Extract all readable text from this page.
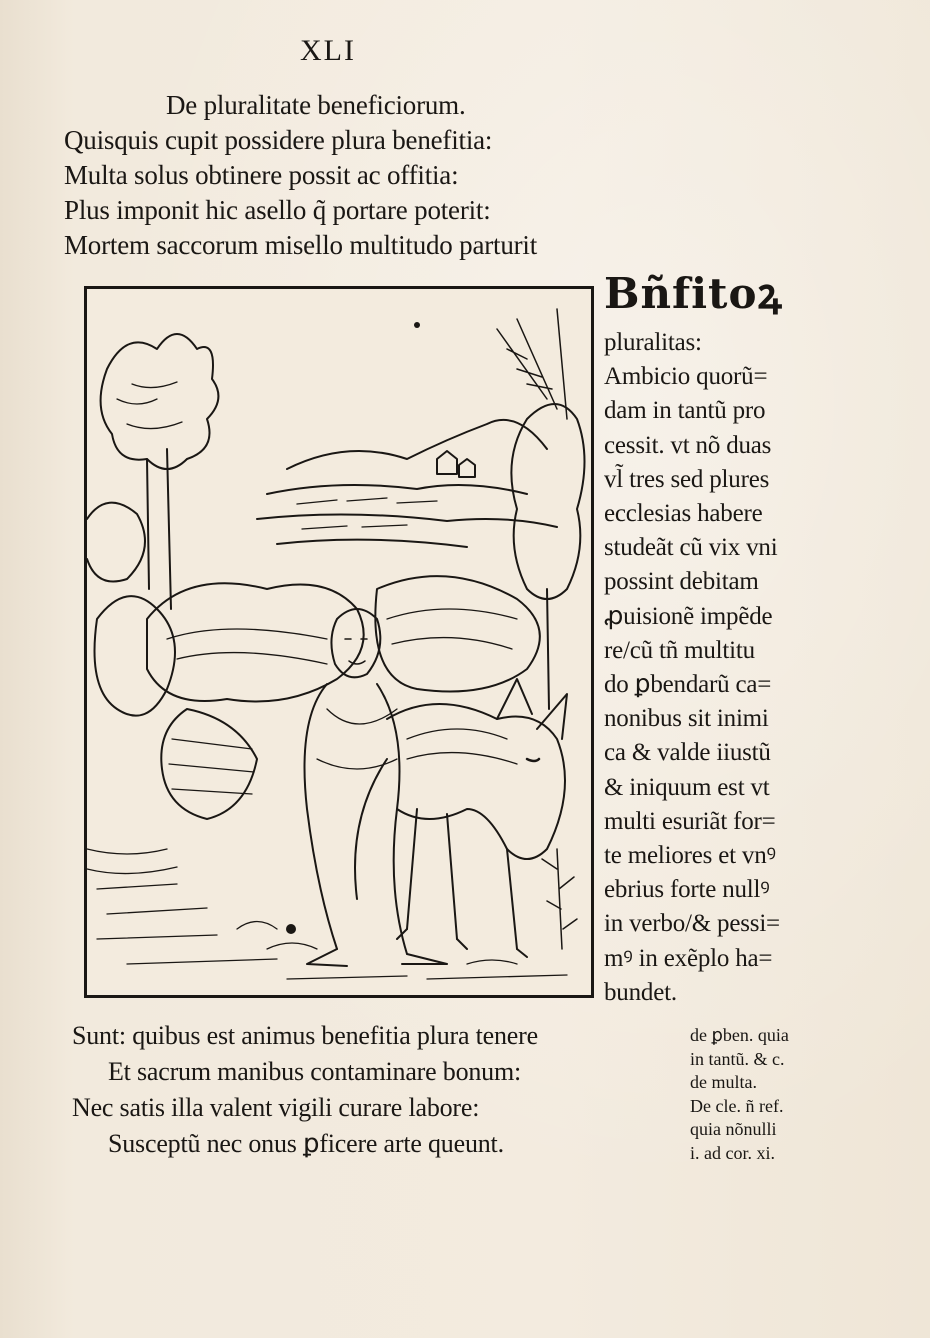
XLI
De pluralitate beneficiorum.
Quisquis cupit possidere plura benefitia:
Multa solus obtinere possit ac offitia:
Plus imponit hic asello q̃ portare poterit:
Mortem saccorum misello multitudo parturit
Bñfitoꝝ
pluralitas:
Ambicio quorũ=
dam in tantũ pro
cessit. vt nõ duas
vl̃ tres sed plures
ecclesias habere
studeãt cũ vix vni
possint debitam
ꝓuisionẽ impẽde
re/cũ tñ multitu
do ꝑbendarũ ca=
nonibus sit inimi
ca & valde iiustũ
& iniquum est vt
multi esuriãt for=
te meliores et vnꝰ
ebrius forte nullꝰ
in verbo/& pessi=
mꝰ in exẽplo ha=
bundet.
Sunt: quibus est animus benefitia plura tenere
Et sacrum manibus contaminare bonum:
Nec satis illa valent vigili curare labore:
Susceptũ nec onus ꝑficere arte queunt.
de ꝑben. quia
in tantũ. & c.
de multa.
De cle. ñ ref.
quia nõnulli
i. ad cor. xi.
